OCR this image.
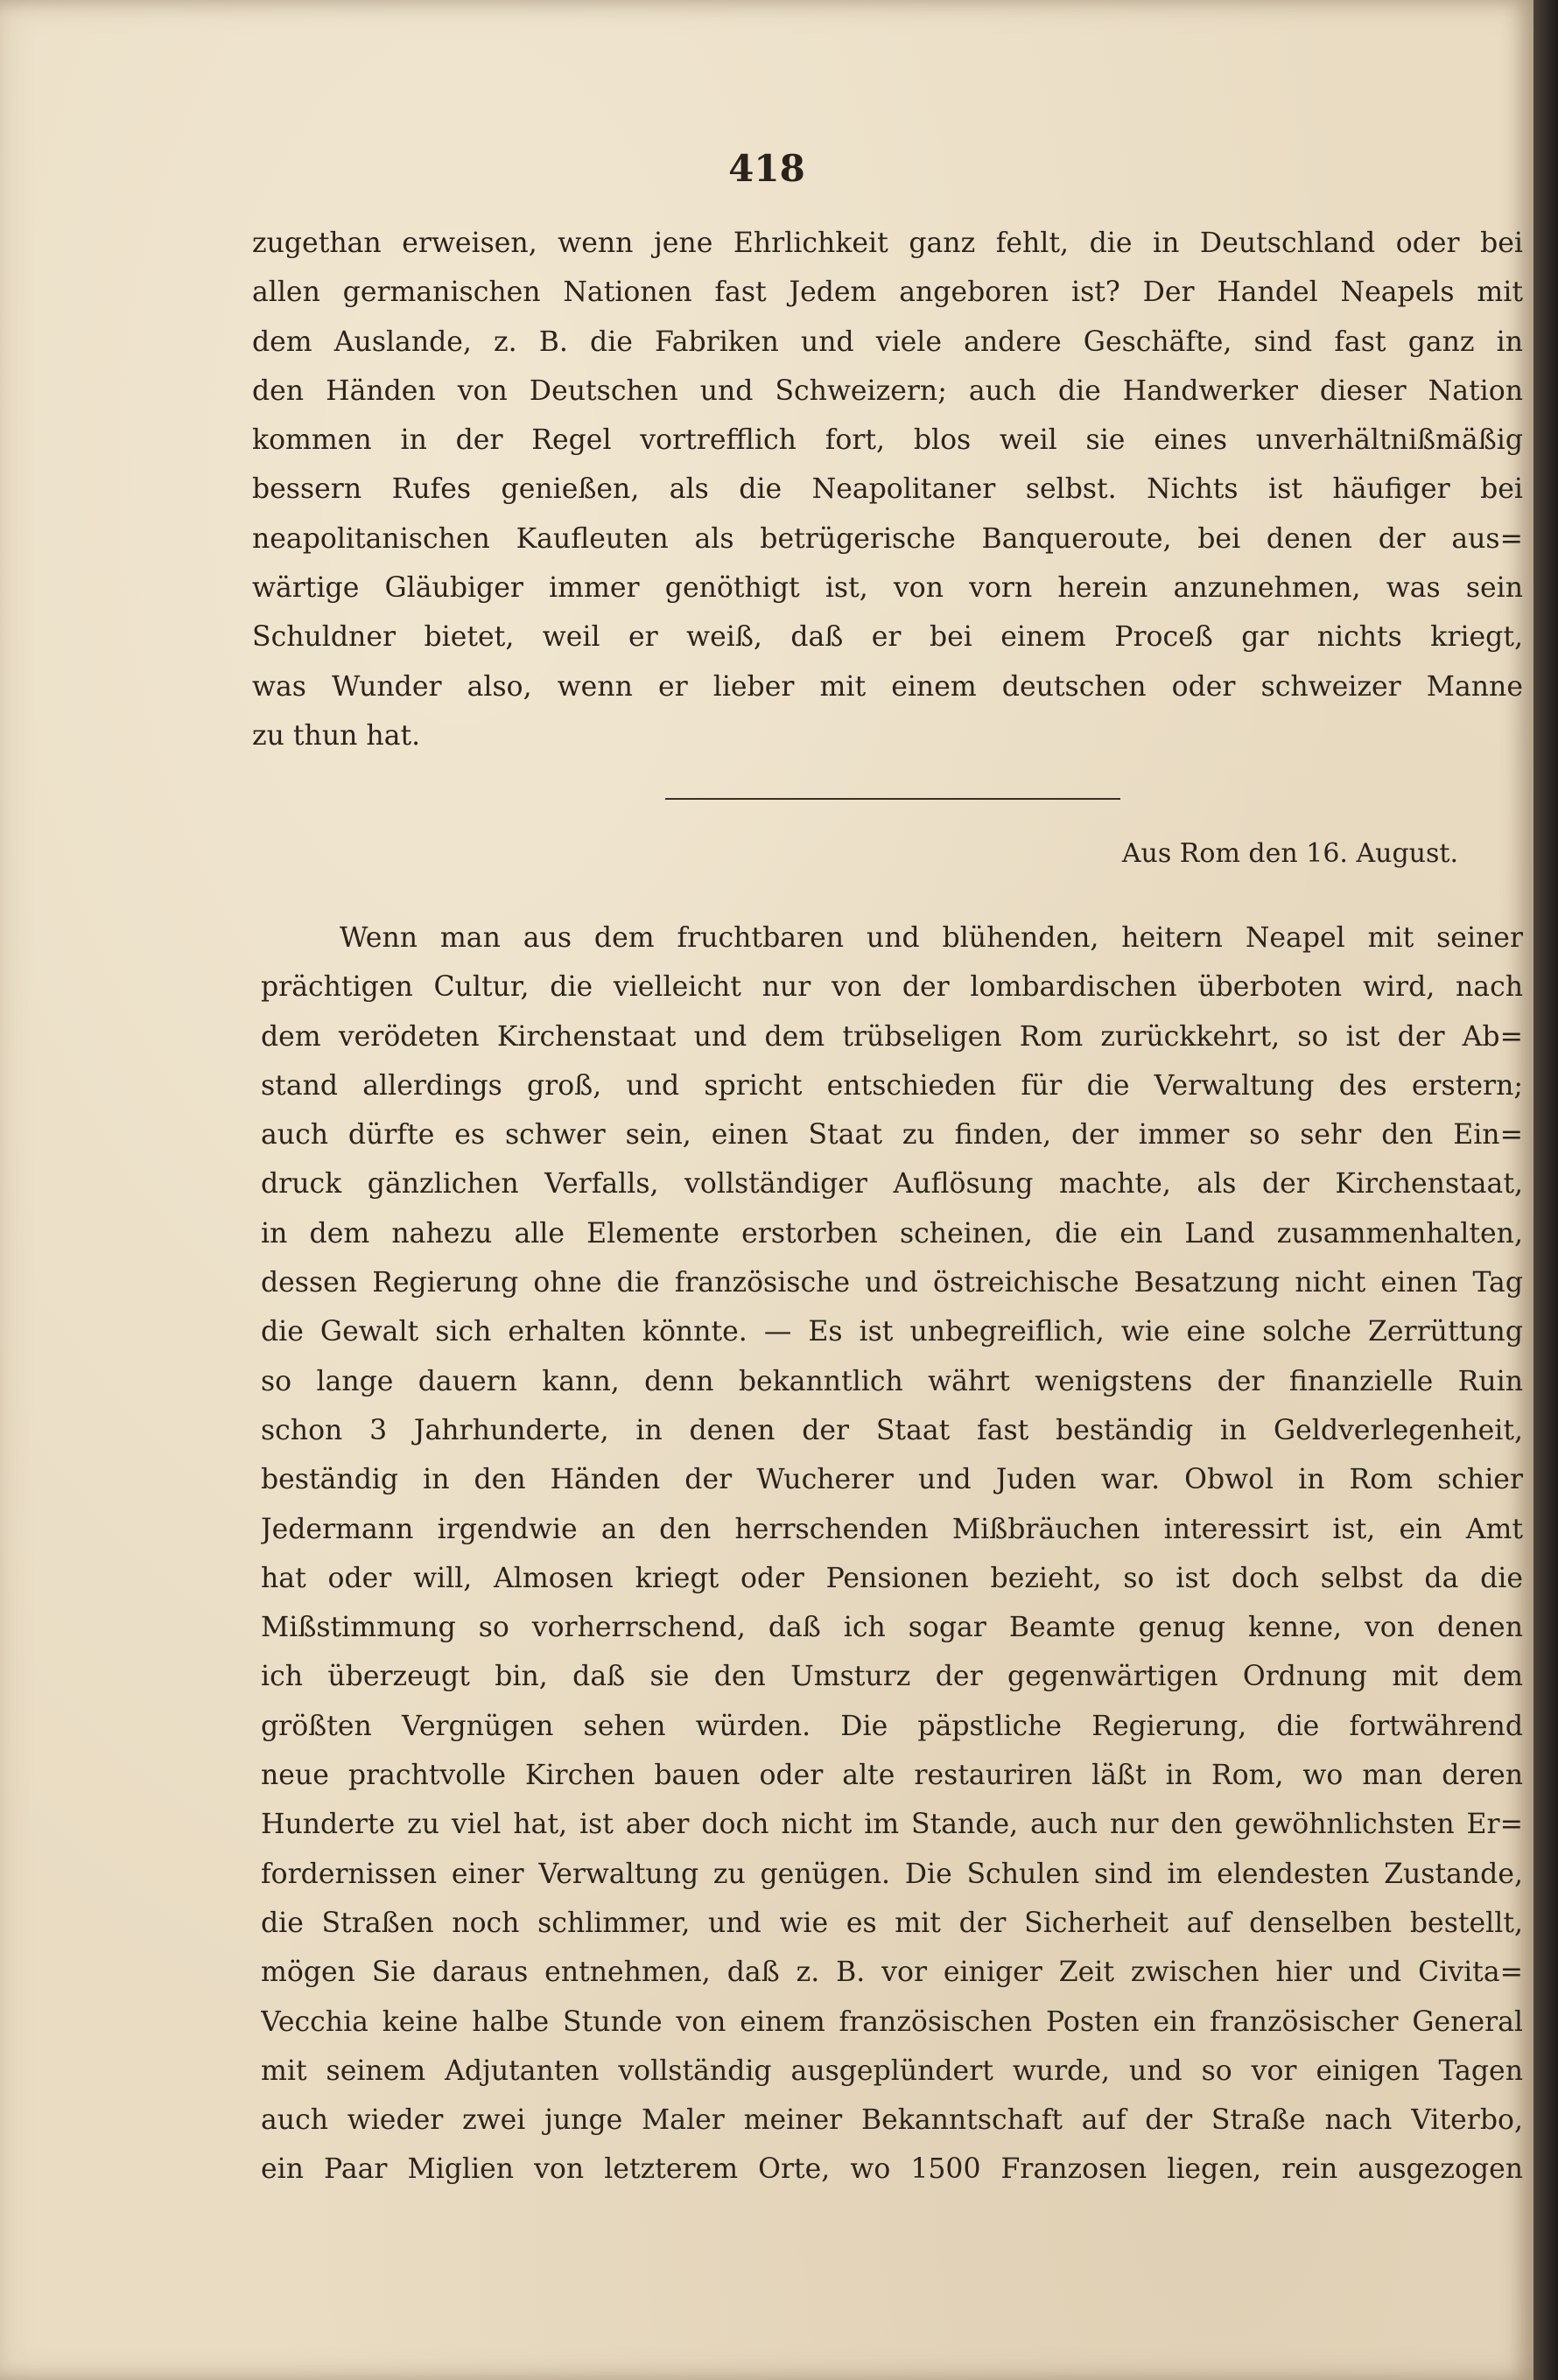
418

zugethan erweisen, wenn jene Ehrlichkeit ganz fehlt, die in Deutschland oder bei
allen germanischen Nationen fast Jedem angeboren ist? Der Handel Neapels mit
dem Auslande, z. B. die Fabriken und viele andere Geschäfte, sind fast ganz in
den Händen von Deutschen und Schweizern; auch die Handwerker dieser Nation
kommen in der Regel vortrefflich fort, blos weil sie eines unverhältnißmäßig
bessern Rufes genießen, als die Neapolitaner selbst. Nichts ist häufiger bei
neapolitanischen Kaufleuten als betrügerische Banqueroute, bei denen der aus=
wärtige Gläubiger immer genöthigt ist, von vorn herein anzunehmen, was sein
Schuldner bietet, weil er weiß, daß er bei einem Proceß gar nichts kriegt,
was Wunder also, wenn er lieber mit einem deutschen oder schweizer Manne
zu thun hat.

Aus Rom den 16. August.

Wenn man aus dem fruchtbaren und blühenden, heitern Neapel mit seiner
prächtigen Cultur, die vielleicht nur von der lombardischen überboten wird, nach
dem verödeten Kirchenstaat und dem trübseligen Rom zurückkehrt, so ist der Ab=
stand allerdings groß, und spricht entschieden für die Verwaltung des erstern;
auch dürfte es schwer sein, einen Staat zu finden, der immer so sehr den Ein=
druck gänzlichen Verfalls, vollständiger Auflösung machte, als der Kirchenstaat,
in dem nahezu alle Elemente erstorben scheinen, die ein Land zusammenhalten,
dessen Regierung ohne die französische und östreichische Besatzung nicht einen Tag
die Gewalt sich erhalten könnte. — Es ist unbegreiflich, wie eine solche Zerrüttung
so lange dauern kann, denn bekanntlich währt wenigstens der finanzielle Ruin
schon 3 Jahrhunderte, in denen der Staat fast beständig in Geldverlegenheit,
beständig in den Händen der Wucherer und Juden war. Obwol in Rom schier
Jedermann irgendwie an den herrschenden Mißbräuchen interessirt ist, ein Amt
hat oder will, Almosen kriegt oder Pensionen bezieht, so ist doch selbst da die
Mißstimmung so vorherrschend, daß ich sogar Beamte genug kenne, von denen
ich überzeugt bin, daß sie den Umsturz der gegenwärtigen Ordnung mit dem
größten Vergnügen sehen würden. Die päpstliche Regierung, die fortwährend
neue prachtvolle Kirchen bauen oder alte restauriren läßt in Rom, wo man deren
Hunderte zu viel hat, ist aber doch nicht im Stande, auch nur den gewöhnlichsten Er=
fordernissen einer Verwaltung zu genügen. Die Schulen sind im elendesten Zustande,
die Straßen noch schlimmer, und wie es mit der Sicherheit auf denselben bestellt,
mögen Sie daraus entnehmen, daß z. B. vor einiger Zeit zwischen hier und Civita=
Vecchia keine halbe Stunde von einem französischen Posten ein französischer General
mit seinem Adjutanten vollständig ausgeplündert wurde, und so vor einigen Tagen
auch wieder zwei junge Maler meiner Bekanntschaft auf der Straße nach Viterbo,
ein Paar Miglien von letzterem Orte, wo 1500 Franzosen liegen, rein ausgezogen
